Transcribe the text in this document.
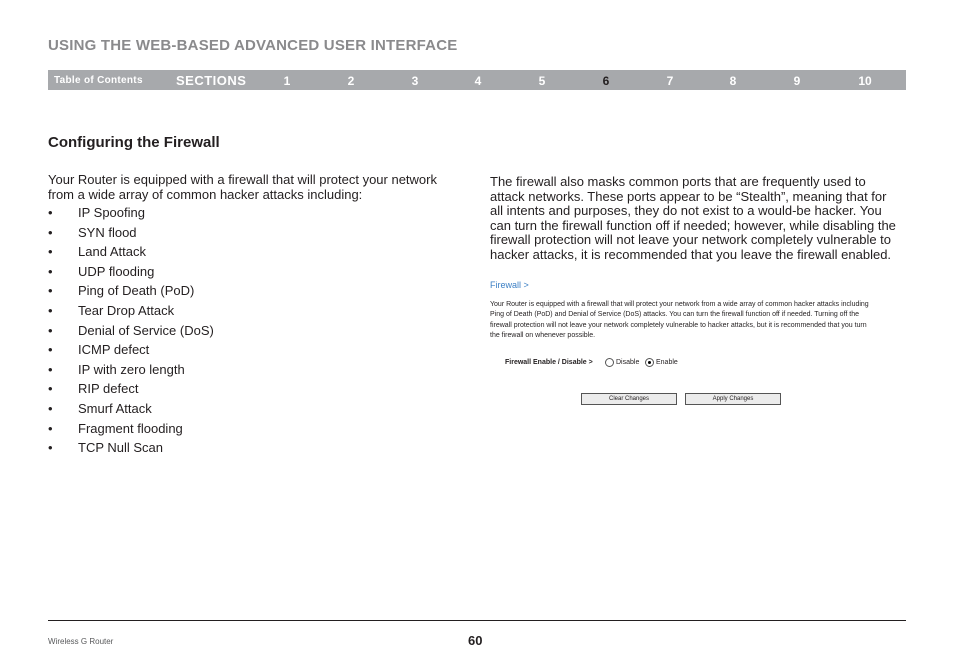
USING THE WEB-BASED ADVANCED USER INTERFACE
Table of Contents	SECTIONS	1	2	3	4	5	6	7	8	9	10
Configuring the Firewall
Your Router is equipped with a firewall that will protect your network from a wide array of common hacker attacks including:
• IP Spoofing
• SYN flood
• Land Attack
• UDP flooding
• Ping of Death (PoD)
• Tear Drop Attack
• Denial of Service (DoS)
• ICMP defect
• IP with zero length
• RIP defect
• Smurf Attack
• Fragment flooding
• TCP Null Scan
The firewall also masks common ports that are frequently used to attack networks. These ports appear to be “Stealth”, meaning that for all intents and purposes, they do not exist to a would-be hacker. You can turn the firewall function off if needed; however, while disabling the firewall protection will not leave your network completely vulnerable to hacker attacks, it is recommended that you leave the firewall enabled.
Firewall >
Your Router is equipped with a firewall that will protect your network from a wide array of common hacker attacks including Ping of Death (PoD) and Denial of Service (DoS) attacks. You can turn the firewall function off if needed. Turning off the firewall protection will not leave your network completely vulnerable to hacker attacks, but it is recommended that you turn the firewall on whenever possible.
Firewall Enable / Disable >	Disable Enable
Clear Changes	Apply Changes
Wireless G Router	60
